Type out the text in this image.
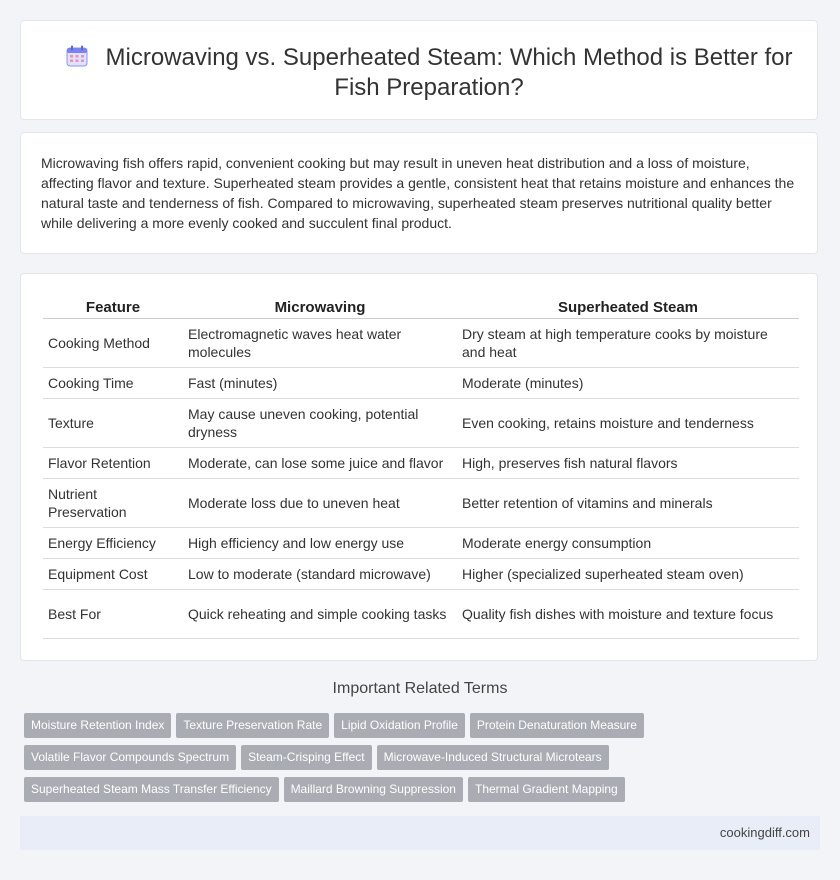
Microwaving vs. Superheated Steam: Which Method is Better for Fish Preparation?
Microwaving fish offers rapid, convenient cooking but may result in uneven heat distribution and a loss of moisture, affecting flavor and texture. Superheated steam provides a gentle, consistent heat that retains moisture and enhances the natural taste and tenderness of fish. Compared to microwaving, superheated steam preserves nutritional quality better while delivering a more evenly cooked and succulent final product.
Feature	Microwaving	Superheated Steam
Cooking Method	Electromagnetic waves heat water molecules	Dry steam at high temperature cooks by moisture and heat
Cooking Time	Fast (minutes)	Moderate (minutes)
Texture	May cause uneven cooking, potential dryness	Even cooking, retains moisture and tenderness
Flavor Retention	Moderate, can lose some juice and flavor	High, preserves fish natural flavors
Nutrient Preservation	Moderate loss due to uneven heat	Better retention of vitamins and minerals
Energy Efficiency	High efficiency and low energy use	Moderate energy consumption
Equipment Cost	Low to moderate (standard microwave)	Higher (specialized superheated steam oven)
Best For	Quick reheating and simple cooking tasks	Quality fish dishes with moisture and texture focus
Important Related Terms
Moisture Retention Index Texture Preservation Rate Lipid Oxidation Profile Protein Denaturation Measure
Volatile Flavor Compounds Spectrum Steam-Crisping Effect Microwave-Induced Structural Microtears
Superheated Steam Mass Transfer Efficiency Maillard Browning Suppression Thermal Gradient Mapping
cookingdiff.com
